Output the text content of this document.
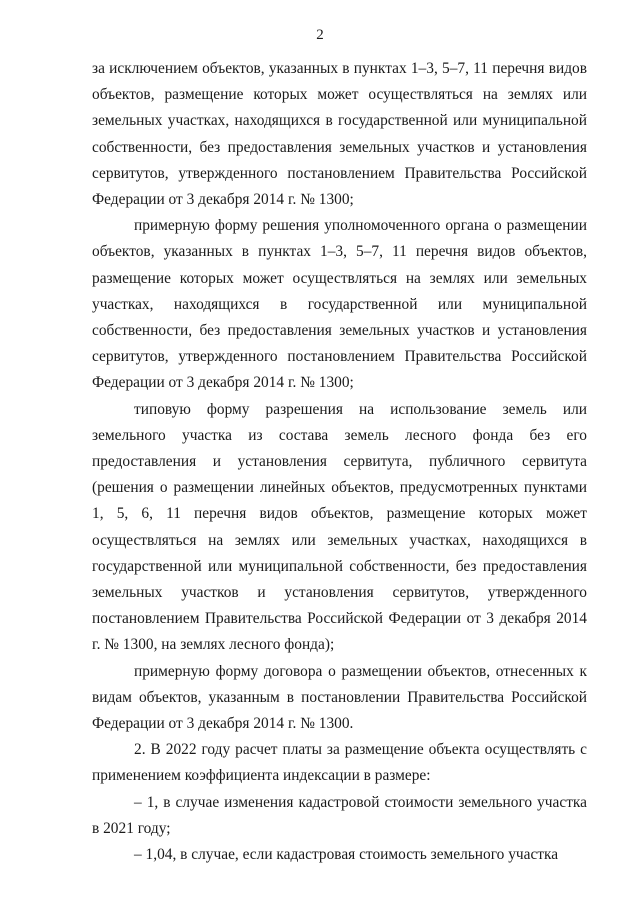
2

за исключением объектов, указанных в пунктах 1–3, 5–7, 11 перечня видов объектов, размещение которых может осуществляться на землях или земельных участках, находящихся в государственной или муниципальной собственности, без предоставления земельных участков и установления сервитутов, утвержденного постановлением Правительства Российской Федерации от 3 декабря 2014 г. № 1300;

примерную форму решения уполномоченного органа о размещении объектов, указанных в пунктах 1–3, 5–7, 11 перечня видов объектов, размещение которых может осуществляться на землях или земельных участках, находящихся в государственной или муниципальной собственности, без предоставления земельных участков и установления сервитутов, утвержденного постановлением Правительства Российской Федерации от 3 декабря 2014 г. № 1300;

типовую форму разрешения на использование земель или земельного участка из состава земель лесного фонда без его предоставления и установления сервитута, публичного сервитута (решения о размещении линейных объектов, предусмотренных пунктами 1, 5, 6, 11 перечня видов объектов, размещение которых может осуществляться на землях или земельных участках, находящихся в государственной или муниципальной собственности, без предоставления земельных участков и установления сервитутов, утвержденного постановлением Правительства Российской Федерации от 3 декабря 2014 г. № 1300, на землях лесного фонда);

примерную форму договора о размещении объектов, отнесенных к видам объектов, указанным в постановлении Правительства Российской Федерации от 3 декабря 2014 г. № 1300.

2. В 2022 году расчет платы за размещение объекта осуществлять с применением коэффициента индексации в размере:

– 1, в случае изменения кадастровой стоимости земельного участка в 2021 году;

– 1,04, в случае, если кадастровая стоимость земельного участка
